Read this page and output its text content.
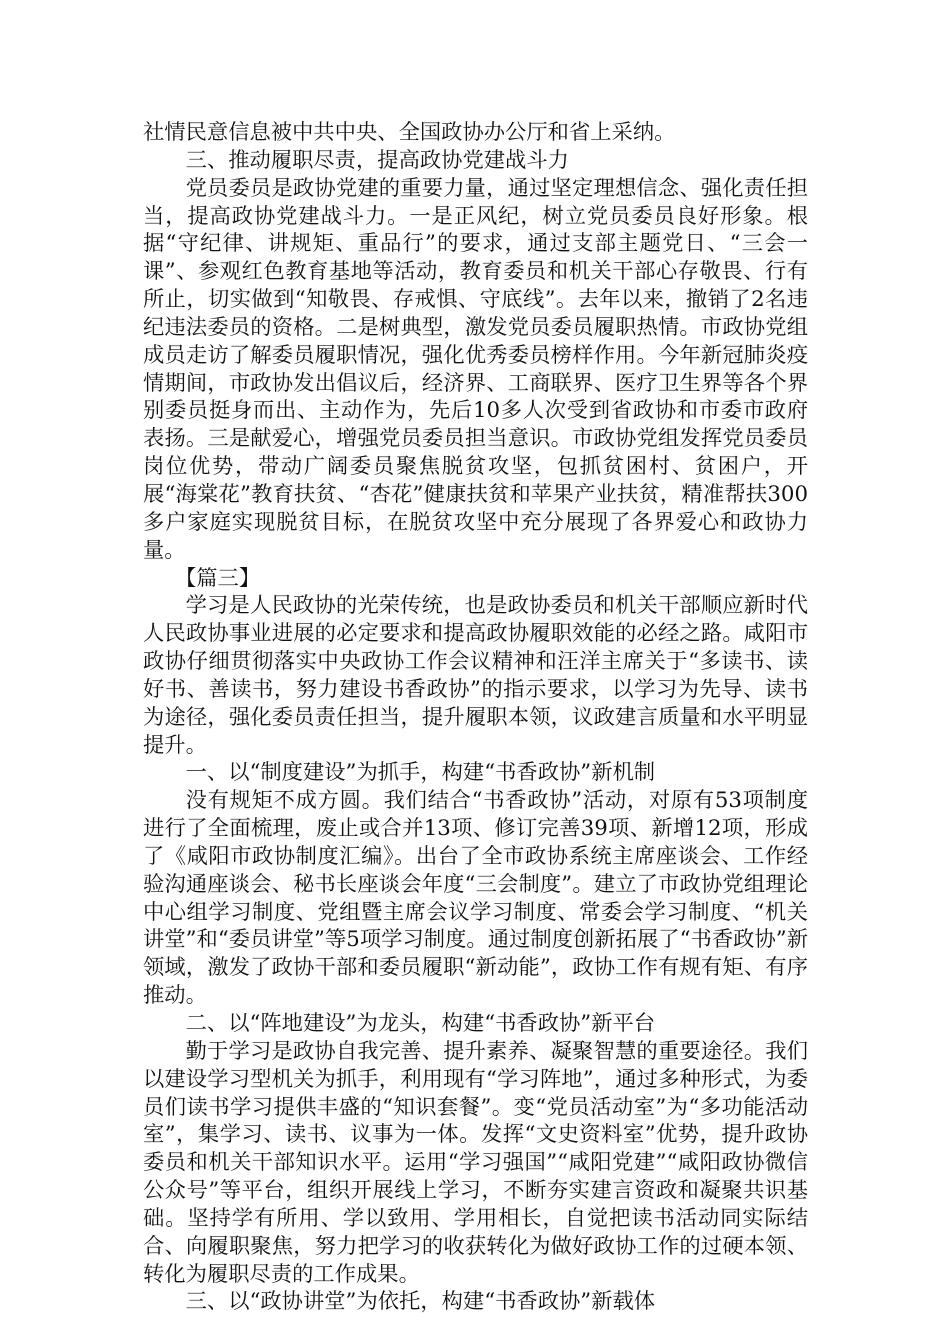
社情民意信息被中共中央、全国政协办公厅和省上采纳。

三、推动履职尽责，提高政协党建战斗力

党员委员是政协党建的重要力量，通过坚定理想信念、强化责任担当，提高政协党建战斗力。一是正风纪，树立党员委员良好形象。根据“守纪律、讲规矩、重品行”的要求，通过支部主题党日、“三会一课”、参观红色教育基地等活动，教育委员和机关干部心存敬畏、行有所止，切实做到“知敬畏、存戒惧、守底线”。去年以来，撤销了2名违纪违法委员的资格。二是树典型，激发党员委员履职热情。市政协党组成员走访了解委员履职情况，强化优秀委员榜样作用。今年新冠肺炎疫情期间，市政协发出倡议后，经济界、工商联界、医疗卫生界等各个界别委员挺身而出、主动作为，先后10多人次受到省政协和市委市政府表扬。三是献爱心，增强党员委员担当意识。市政协党组发挥党员委员岗位优势，带动广阔委员聚焦脱贫攻坚，包抓贫困村、贫困户，开展“海棠花”教育扶贫、“杏花”健康扶贫和苹果产业扶贫，精准帮扶300多户家庭实现脱贫目标，在脱贫攻坚中充分展现了各界爱心和政协力量。

【篇三】

学习是人民政协的光荣传统，也是政协委员和机关干部顺应新时代人民政协事业进展的必定要求和提高政协履职效能的必经之路。咸阳市政协仔细贯彻落实中央政协工作会议精神和汪洋主席关于“多读书、读好书、善读书，努力建设书香政协”的指示要求，以学习为先导、读书为途径，强化委员责任担当，提升履职本领，议政建言质量和水平明显提升。

一、以“制度建设”为抓手，构建“书香政协”新机制

没有规矩不成方圆。我们结合“书香政协”活动，对原有53项制度进行了全面梳理，废止或合并13项、修订完善39项、新增12项，形成了《咸阳市政协制度汇编》。出台了全市政协系统主席座谈会、工作经验沟通座谈会、秘书长座谈会年度“三会制度”。建立了市政协党组理论中心组学习制度、党组暨主席会议学习制度、常委会学习制度、“机关讲堂”和“委员讲堂”等5项学习制度。通过制度创新拓展了“书香政协”新领域，激发了政协干部和委员履职“新动能”，政协工作有规有矩、有序推动。

二、以“阵地建设”为龙头，构建“书香政协”新平台

勤于学习是政协自我完善、提升素养、凝聚智慧的重要途径。我们以建设学习型机关为抓手，利用现有“学习阵地”，通过多种形式，为委员们读书学习提供丰盛的“知识套餐”。变“党员活动室”为“多功能活动室”，集学习、读书、议事为一体。发挥“文史资料室”优势，提升政协委员和机关干部知识水平。运用“学习强国”“咸阳党建”“咸阳政协微信公众号”等平台，组织开展线上学习，不断夯实建言资政和凝聚共识基础。坚持学有所用、学以致用、学用相长，自觉把读书活动同实际结合、向履职聚焦，努力把学习的收获转化为做好政协工作的过硬本领、转化为履职尽责的工作成果。

三、以“政协讲堂”为依托，构建“书香政协”新载体
